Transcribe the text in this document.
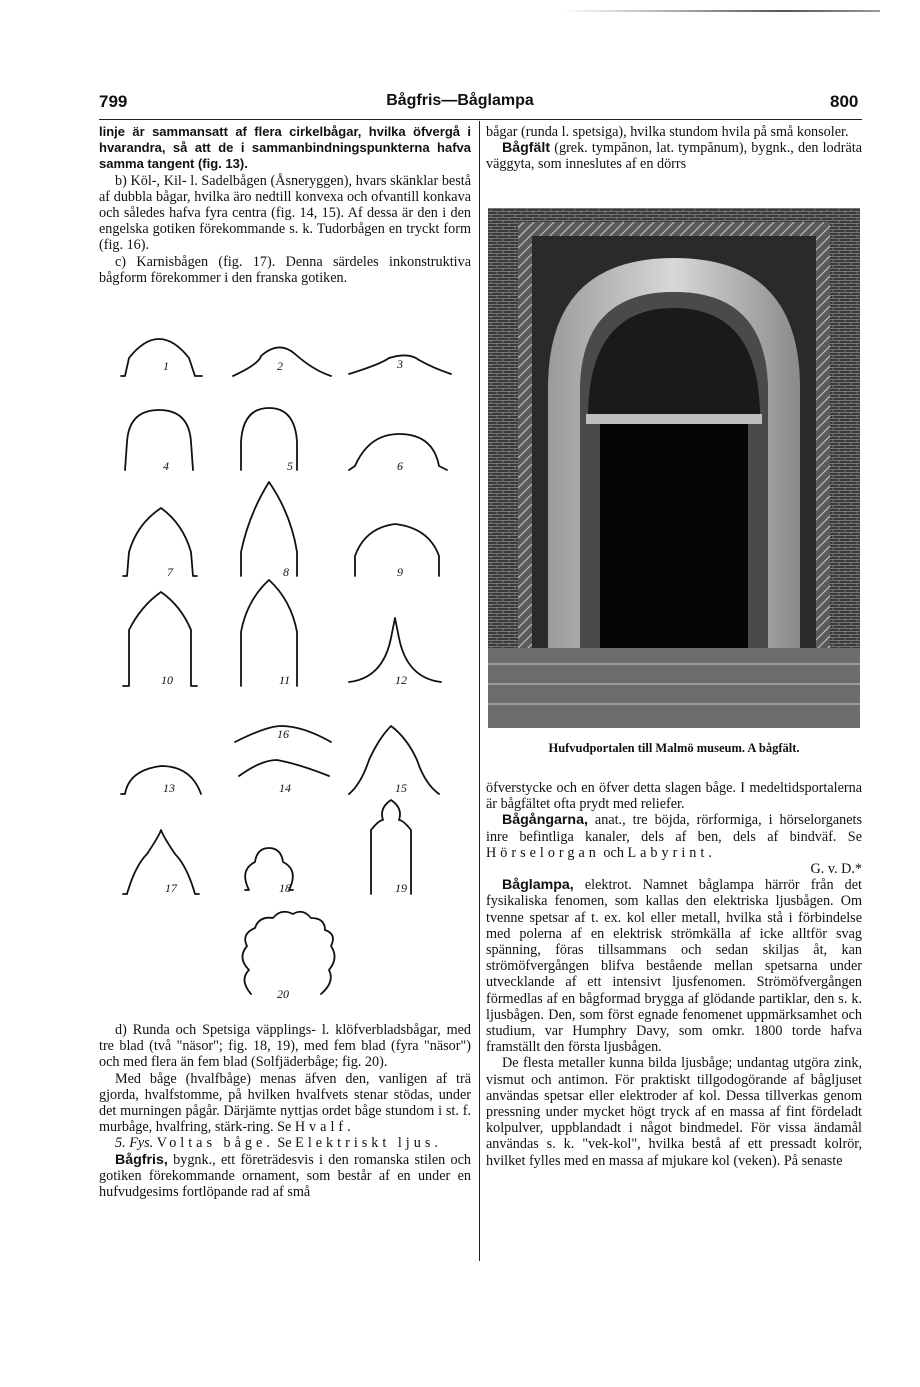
799	Bågfris—Båglampa	800

linje är sammansatt af flera cirkelbågar, hvilka öfvergå i hvarandra, så att de i sammanbindningspunkterna hafva samma tangent (fig. 13).

b) Köl-, Kil- l. Sadelbågen (Åsneryggen), hvars skänklar bestå af dubbla bågar, hvilka äro nedtill konvexa och ofvantill konkava och således hafva fyra centra (fig. 14, 15). Af dessa är den i den engelska gotiken förekommande s. k. Tudorbågen en tryckt form (fig. 16).

c) Karnisbågen (fig. 17). Denna särdeles inkonstruktiva bågform förekommer i den franska gotiken.

1	2	3
4	5	6
7	8	9
10	11	12
13	14	15
16
17	18	19
20

d) Runda och Spetsiga väpplings- l. klöfverbladsbågar, med tre blad (två "näsor"; fig. 18, 19), med fem blad (fyra "näsor") och med flera än fem blad (Solfjäderbåge; fig. 20).

Med båge (hvalfbåge) menas äfven den, vanligen af trä gjorda, hvalfstomme, på hvilken hvalfvets stenar stödas, under det murningen pågår. Därjämte nyttjas ordet båge stundom i st. f. murbåge, hvalfring, stärk-ring. Se Hvalf.

5. Fys. Voltas båge. Se Elektriskt ljus.

Bågfris, bygnk., ett företrädesvis i den romanska stilen och gotiken förekommande ornament, som består af en under en hufvudgesims fortlöpande rad af små

bågar (runda l. spetsiga), hvilka stundom hvila på små konsoler.

Bågfält (grek. tympănon, lat. tympănum), bygnk., den lodräta väggyta, som inneslutes af en dörrs

Hufvudportalen till Malmö museum. A bågfält.

öfverstycke och en öfver detta slagen båge. I medeltidsportalerna är bågfältet ofta prydt med reliefer.

Bågångarna, anat., tre böjda, rörformiga, i hörselorganets inre befintliga kanaler, dels af ben, dels af bindväf. Se Hörselorgan och Labyrint.

G. v. D.*

Båglampa, elektrot. Namnet båglampa härrör från det fysikaliska fenomen, som kallas den elektriska ljusbågen. Om tvenne spetsar af t. ex. kol eller metall, hvilka stå i förbindelse med polerna af en elektrisk strömkälla af icke alltför svag spänning, föras tillsammans och sedan skiljas åt, kan strömöfvergången blifva bestående mellan spetsarna under utvecklande af ett intensivt ljusfenomen. Strömöfvergången förmedlas af en bågformad brygga af glödande partiklar, den s. k. ljusbågen. Den, som först egnade fenomenet uppmärksamhet och studium, var Humphry Davy, som omkr. 1800 torde hafva framställt den första ljusbågen.

De flesta metaller kunna bilda ljusbåge; undantag utgöra zink, vismut och antimon. För praktiskt tillgodogörande af bågljuset användas spetsar eller elektroder af kol. Dessa tillverkas genom pressning under mycket högt tryck af en massa af fint fördeladt kolpulver, uppblandadt i något bindmedel. För vissa ändamål användas s. k. "vek-kol", hvilka bestå af ett pressadt kolrör, hvilket fylles med en massa af mjukare kol (veken). På senaste
